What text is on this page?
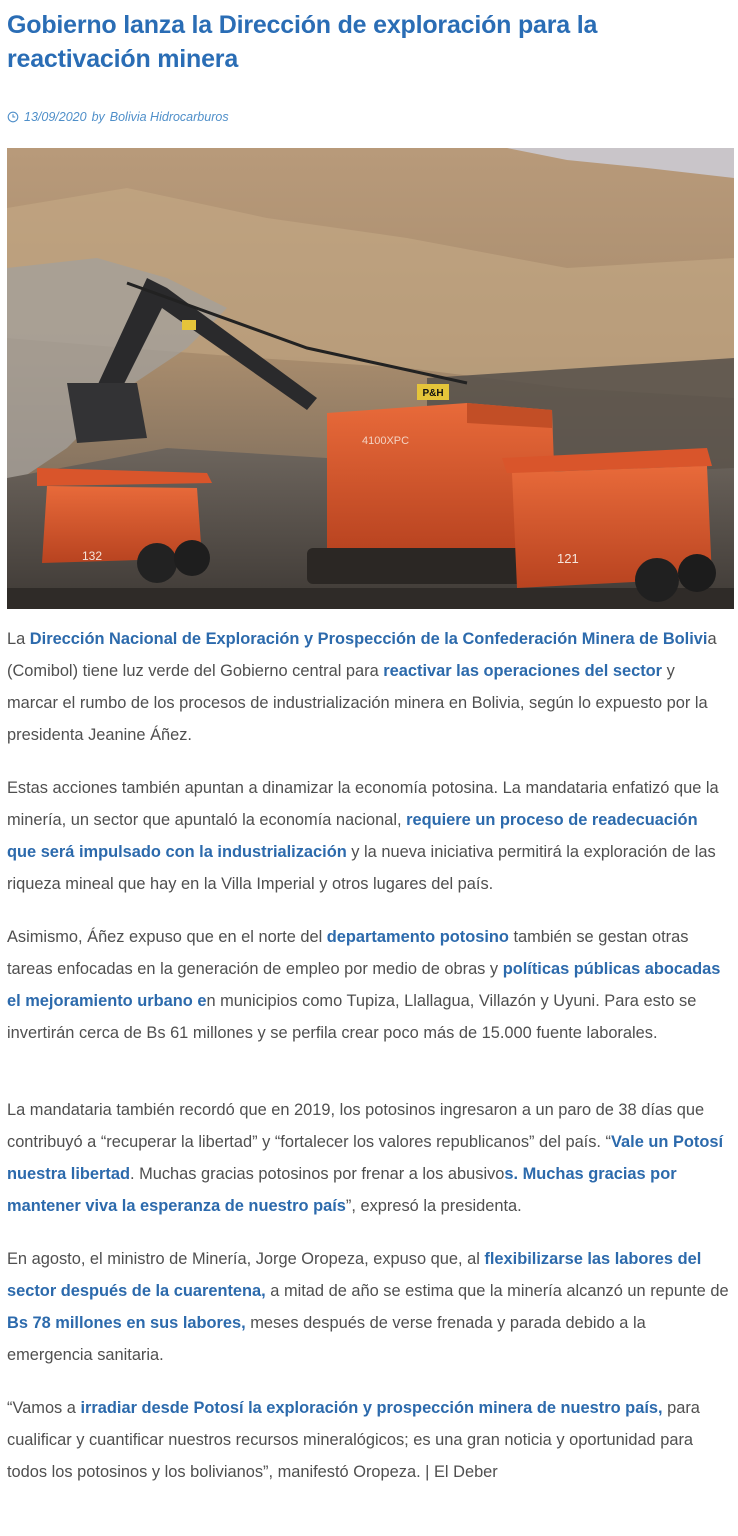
Gobierno lanza la Dirección de exploración para la reactivación minera
13/09/2020 by Bolivia Hidrocarburos
P&H
4100XPC
132	121

La Dirección Nacional de Exploración y Prospección de la Confederación Minera de Bolivia (Comibol) tiene luz verde del Gobierno central para reactivar las operaciones del sector y marcar el rumbo de los procesos de industrialización minera en Bolivia, según lo expuesto por la presidenta Jeanine Áñez.

Estas acciones también apuntan a dinamizar la economía potosina. La mandataria enfatizó que la minería, un sector que apuntaló la economía nacional, requiere un proceso de readecuación que será impulsado con la industrialización y la nueva iniciativa permitirá la exploración de las riqueza mineal que hay en la Villa Imperial y otros lugares del país.

Asimismo, Áñez expuso que en el norte del departamento potosino también se gestan otras tareas enfocadas en la generación de empleo por medio de obras y políticas públicas abocadas el mejoramiento urbano en municipios como Tupiza, Llallagua, Villazón y Uyuni. Para esto se invertirán cerca de Bs 61 millones y se perfila crear poco más de 15.000 fuente laborales.

La mandataria también recordó que en 2019, los potosinos ingresaron a un paro de 38 días que contribuyó a “recuperar la libertad” y “fortalecer los valores republicanos” del país. “Vale un Potosí nuestra libertad. Muchas gracias potosinos por frenar a los abusivos. Muchas gracias por mantener viva la esperanza de nuestro país”, expresó la presidenta.

En agosto, el ministro de Minería, Jorge Oropeza, expuso que, al flexibilizarse las labores del sector después de la cuarentena, a mitad de año se estima que la minería alcanzó un repunte de Bs 78 millones en sus labores, meses después de verse frenada y parada debido a la emergencia sanitaria.

“Vamos a irradiar desde Potosí la exploración y prospección minera de nuestro país, para cualificar y cuantificar nuestros recursos mineralógicos; es una gran noticia y oportunidad para todos los potosinos y los bolivianos”, manifestó Oropeza. | El Deber
